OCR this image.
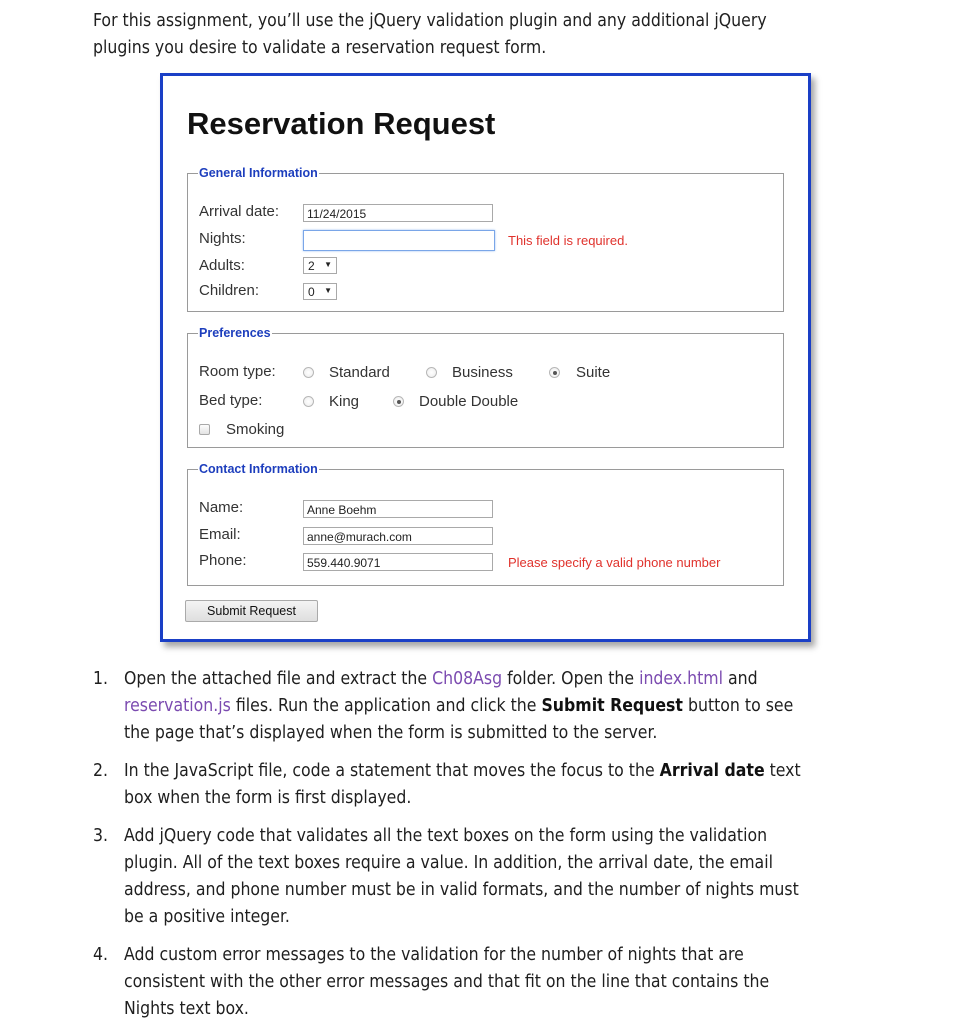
For this assignment, you’ll use the jQuery validation plugin and any additional jQuery plugins you desire to validate a reservation request form.
Reservation Request
General Information
Arrival date:	11/24/2015
Nights:	This field is required.
Adults:	2 ▼
Children:	0 ▼
Preferences
Room type:	Standard	Business	Suite
Bed type:	King	Double Double
Smoking
Contact Information
Name:	Anne Boehm
Email:	anne@murach.com
Phone:	559.440.9071	Please specify a valid phone number
Submit Request
1. Open the attached file and extract the Ch08Asg folder. Open the index.html and
reservation.js files. Run the application and click the Submit Request button to see the page that’s displayed when the form is submitted to the server.
2. In the JavaScript file, code a statement that moves the focus to the Arrival date text box when the form is first displayed.
3. Add jQuery code that validates all the text boxes on the form using the validation plugin. All of the text boxes require a value. In addition, the arrival date, the email address, and phone number must be in valid formats, and the number of nights must be a positive integer.
4. Add custom error messages to the validation for the number of nights that are consistent with the other error messages and that fit on the line that contains the Nights text box.
